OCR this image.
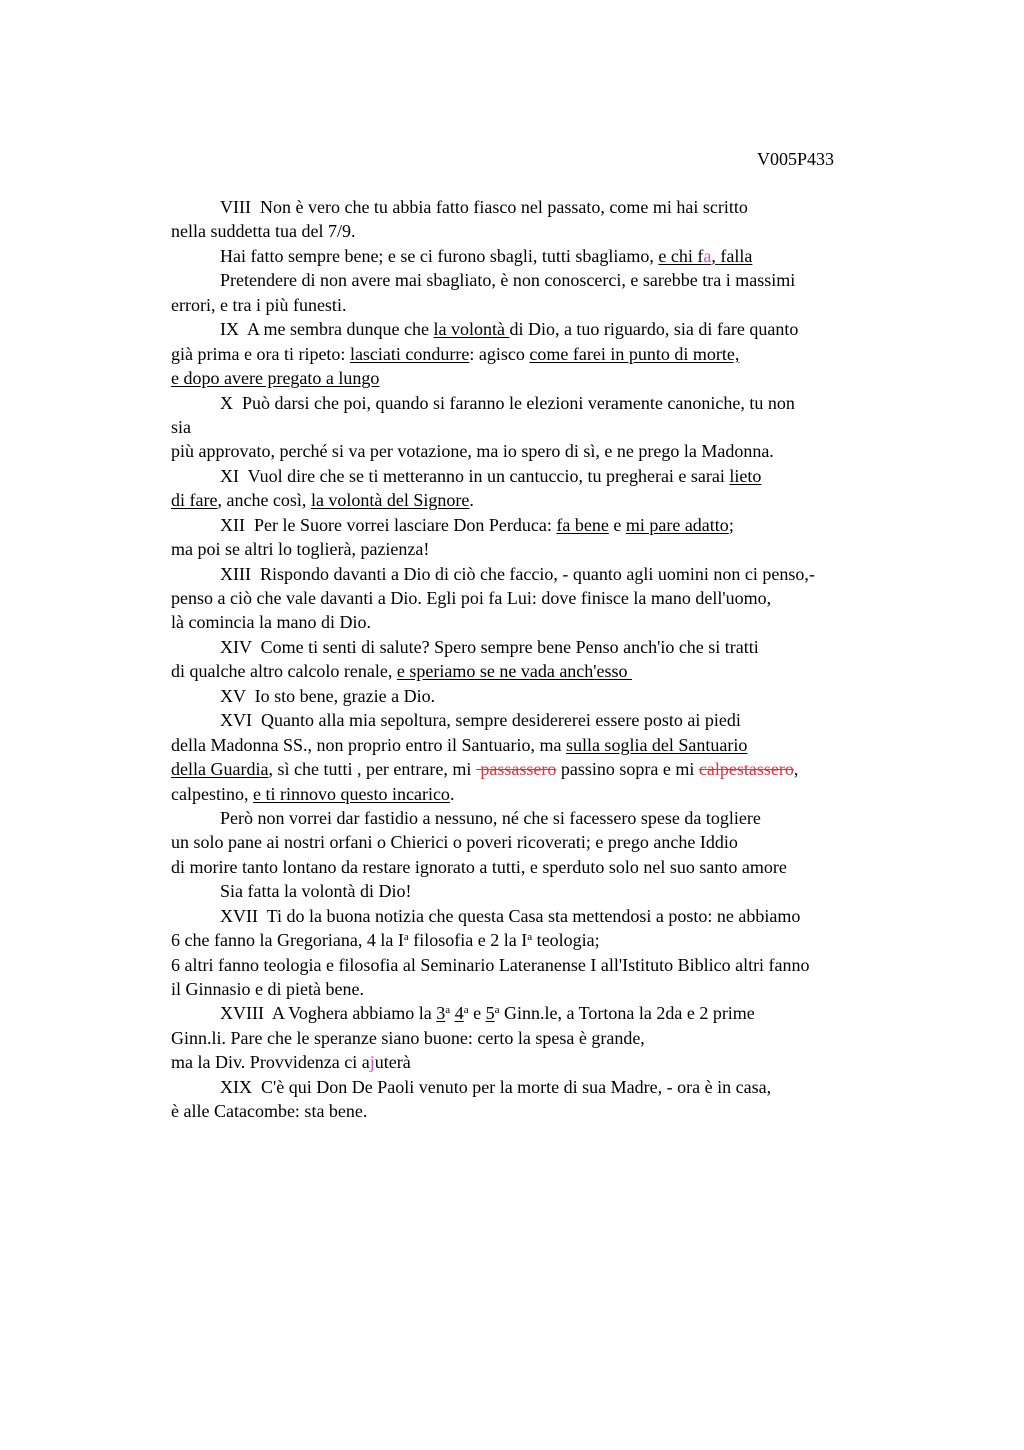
V005P433
VIII  Non è vero che tu abbia fatto fiasco nel passato, come mi hai scritto
nella suddetta tua del 7/9.
Hai fatto sempre bene; e se ci furono sbagli, tutti sbagliamo, e chi fa, falla
Pretendere di non avere mai sbagliato, è non conoscerci, e sarebbe tra i massimi
errori, e tra i più funesti.
IX  A me sembra dunque che la volontà di Dio, a tuo riguardo, sia di fare quanto
già prima e ora ti ripeto: lasciati condurre: agisco come farei in punto di morte,
e dopo avere pregato a lungo
X  Può darsi che poi, quando si faranno le elezioni veramente canoniche, tu non
sia
più approvato, perché si va per votazione, ma io spero di sì, e ne prego la Madonna.
XI  Vuol dire che se ti metteranno in un cantuccio, tu pregherai e sarai lieto
di fare, anche così, la volontà del Signore.
XII  Per le Suore vorrei lasciare Don Perduca: fa bene e mi pare adatto;
ma poi se altri lo toglierà, pazienza!
XIII  Rispondo davanti a Dio di ciò che faccio, - quanto agli uomini non ci penso,-
penso a ciò che vale davanti a Dio. Egli poi fa Lui: dove finisce la mano dell'uomo,
là comincia la mano di Dio.
XIV  Come ti senti di salute? Spero sempre bene Penso anch'io che si tratti
di qualche altro calcolo renale, e speriamo se ne vada anch'esso
XV  Io sto bene, grazie a Dio.
XVI  Quanto alla mia sepoltura, sempre desidererei essere posto ai piedi
della Madonna SS., non proprio entro il Santuario, ma sulla soglia del Santuario
della Guardia, sì che tutti , per entrare, mi  passassero passino sopra e mi calpestassero,
calpestino, e ti rinnovo questo incarico.
Però non vorrei dar fastidio a nessuno, né che si facessero spese da togliere
un solo pane ai nostri orfani o Chierici o poveri ricoverati; e prego anche Iddio
di morire tanto lontano da restare ignorato a tutti, e sperduto solo nel suo santo amore
Sia fatta la volontà di Dio!
XVII  Ti do la buona notizia che questa Casa sta mettendosi a posto: ne abbiamo
6 che fanno la Gregoriana, 4 la $I^a$ filosofia e 2 la $I^a$ teologia;
6 altri fanno teologia e filosofia al Seminario Lateranense I all'Istituto Biblico altri fanno
il Ginnasio e di pietà bene.
XVIII  A Voghera abbiamo la 3$^a$ 4$^a$ e 5$^a$ Ginn.le, a Tortona la 2da e 2 prime
Ginn.li. Pare che le speranze siano buone: certo la spesa è grande,
ma la Div. Provvidenza ci ajuterà
XIX  C'è qui Don De Paoli venuto per la morte di sua Madre, - ora è in casa,
è alle Catacombe: sta bene.
